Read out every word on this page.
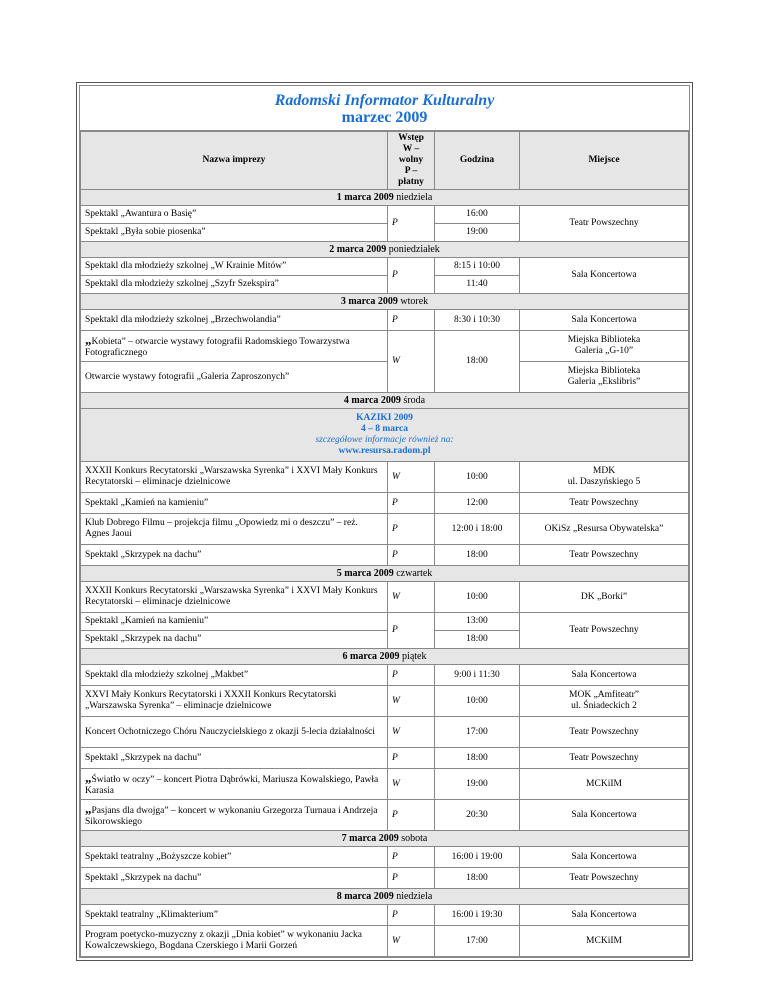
Radomski Informator Kulturalny
marzec 2009
Nazwa imprezy	Wstęp
W – wolny
P – płatny	Godzina	Miejsce
1 marca 2009 niedziela			
Spektakl „Awantura o Basię”	P	16:00	Teatr Powszechny
Spektakl „Była sobie piosenka”		19:00	
2 marca 2009 poniedziałek			
Spektakl dla młodzieży szkolnej „W Krainie Mitów”	P	8:15 i 10:00	Sala Koncertowa
Spektakl dla młodzieży szkolnej „Szyfr Szekspira”		11:40	
3 marca 2009 wtorek			
Spektakl dla młodzieży szkolnej „Brzechwolandia”	P	8:30 i 10:30	Sala Koncertowa
„Kobieta” – otwarcie wystawy fotografii Radomskiego Towarzystwa Fotograficznego	W	18:00	Miejska Biblioteka
Galeria „G-10”

Otwarcie wystawy fotografii „Galeria Zaproszonych”			Miejska Biblioteka
Galeria „Ekslibris”

4 marca 2009 środa			

KAZIKI 2009
4 – 8 marca
szczegółowe informacje również na:
www.resursa.radom.pl			

XXXII Konkurs Recytatorski „Warszawska Syrenka” i XXVI Mały Konkurs Recytatorski – eliminacje dzielnicowe	W	10:00	MDK
ul. Daszyńskiego 5

Spektakl „Kamień na kamieniu”	P	12:00	Teatr Powszechny
Klub Dobrego Filmu – projekcja filmu „Opowiedz mi o deszczu” – reż. Agnes Jaoui	P	12:00 i 18:00	OKiSz „Resursa Obywatelska”
Spektakl „Skrzypek na dachu”	P	18:00	Teatr Powszechny
5 marca 2009 czwartek			
XXXII Konkurs Recytatorski „Warszawska Syrenka” i XXVI Mały Konkurs Recytatorski – eliminacje dzielnicowe	W	10:00	DK „Borki”
Spektakl „Kamień na kamieniu”	P	13:00	Teatr Powszechny
Spektakl „Skrzypek na dachu”		18:00	
6 marca 2009 piątek			
Spektakl dla młodzieży szkolnej „Makbet”	P	9:00 i 11:30	Sala Koncertowa
XXVI Mały Konkurs Recytatorski i XXXII Konkurs Recytatorski „Warszawska Syrenka” – eliminacje dzielnicowe	W	10:00	MOK „Amfiteatr”
ul. Śniadeckich 2

Koncert Ochotniczego Chóru Nauczycielskiego z okazji 5-lecia działalności	W	17:00	Teatr Powszechny
Spektakl „Skrzypek na dachu”	P	18:00	Teatr Powszechny
„Światło w oczy” – koncert Piotra Dąbrówki, Mariusza Kowalskiego, Pawła Karasia	W	19:00	MCKiIM
„Pasjans dla dwojga” – koncert w wykonaniu Grzegorza Turnaua i Andrzeja Sikorowskiego	P	20:30	Sala Koncertowa
7 marca 2009 sobota			
Spektakl teatralny „Bożyszcze kobiet”	P	16:00 i 19:00	Sala Koncertowa
Spektakl „Skrzypek na dachu”	P	18:00	Teatr Powszechny
8 marca 2009 niedziela			
Spektakl teatralny „Klimakterium”	P	16:00 i 19:30	Sala Koncertowa
Program poetycko-muzyczny z okazji „Dnia kobiet” w wykonaniu Jacka Kowalczewskiego, Bogdana Czerskiego i Marii Gorzeń	W	17:00	MCKiIM
